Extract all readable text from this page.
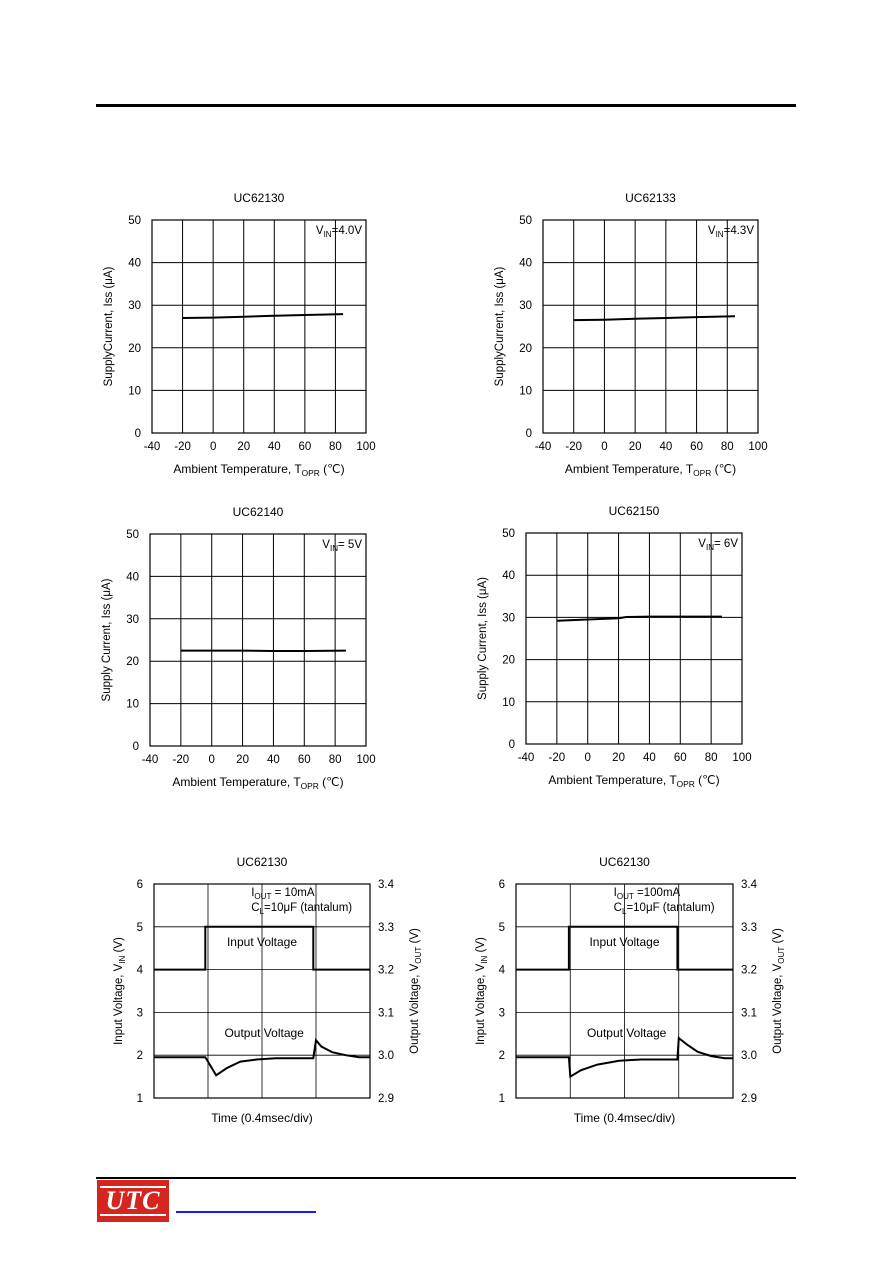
UC62130
0
10
20
30
40
50
-40 -20 0 20 40 60 80 100
Ambient Temperature, $T_{OPR}$ (℃)
SupplyCurrent, Iss (μA)
$V_{IN}=4.0V$
UC62133
0
10
20
30
40
50
-40 -20 0 20 40 60 80 100
Ambient Temperature, $T_{OPR}$ (℃)
SupplyCurrent, Iss (μA)
$V_{IN}=4.3V$
UC62140
0
10
20
30
40
50
-40 -20 0 20 40 60 80 100
Ambient Temperature, $T_{OPR}$ (℃)
Supply Current, Iss (μA)
$V_{IN}= 5V$
UC62150
0
10
20
30
40
50
-40 -20 0 20 40 60 80 100
Ambient Temperature, $T_{OPR}$ (℃)
Supply Current, Iss (μA)
$V_{IN}= 6V$
UC62130
1
2
3
4
5
6
2.9
3.0
3.1
3.2
3.3
3.4
Time (0.4msec/div)
Input Voltage, $V_{IN}$ (V)
Output Voltage, $V_{OUT}$ (V)
$I_{OUT} = 10mA$
$C_L=10\mu F$ (tantalum)
Input Voltage
Output Voltage
UC62130
1
2
3
4
5
6
2.9
3.0
3.1
3.2
3.3
3.4
Time (0.4msec/div)
Input Voltage, $V_{IN}$ (V)
Output Voltage, $V_{OUT}$ (V)
$I_{OUT} =100mA$
$C_L=10\mu F$ (tantalum)
Input Voltage
Output Voltage
UTC
